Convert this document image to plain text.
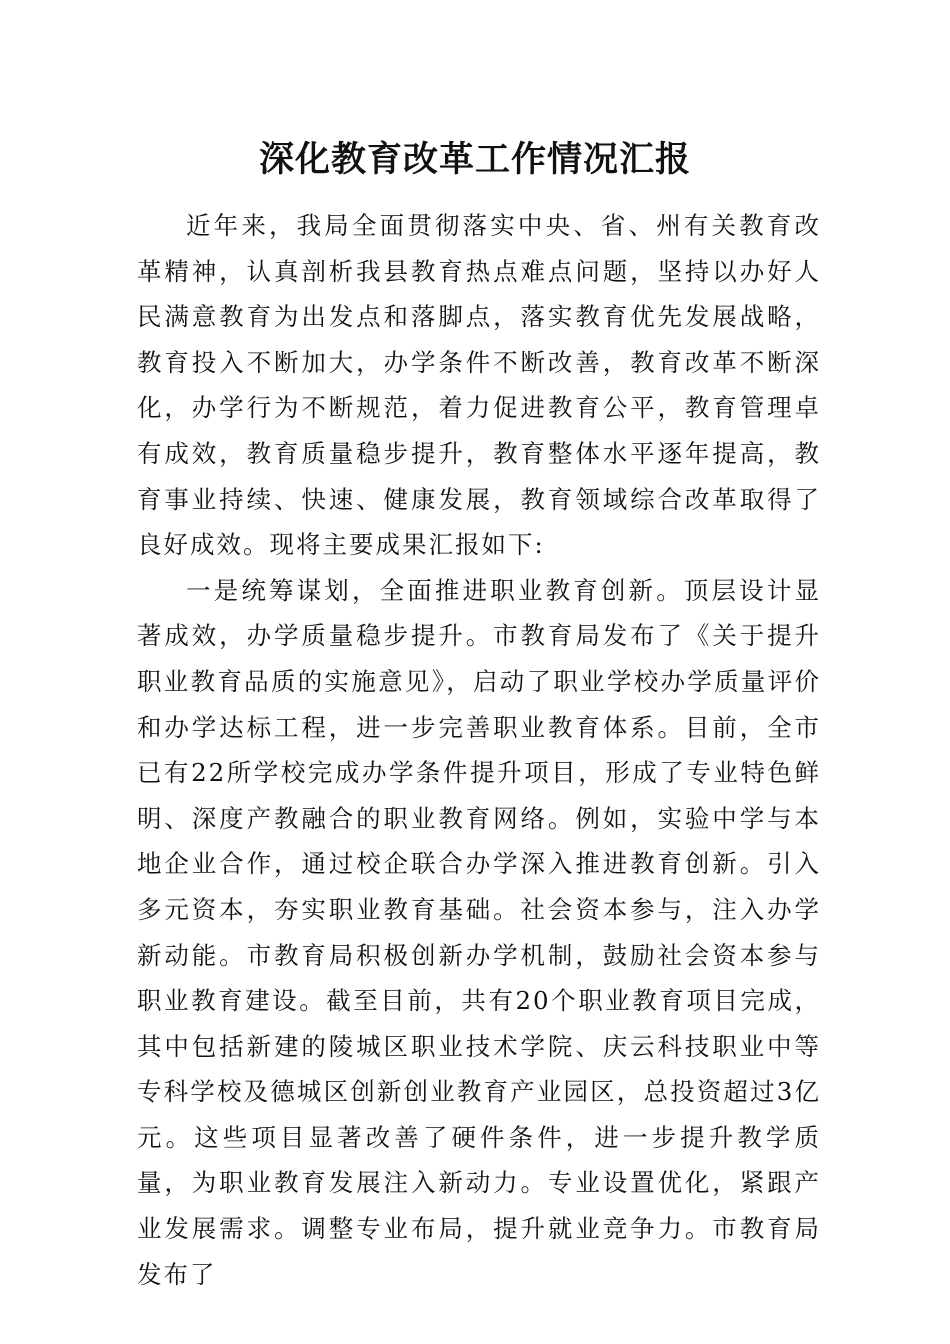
深化教育改革工作情况汇报

近年来，我局全面贯彻落实中央、省、州有关教育改革精神，认真剖析我县教育热点难点问题，坚持以办好人民满意教育为出发点和落脚点，落实教育优先发展战略，教育投入不断加大，办学条件不断改善，教育改革不断深化，办学行为不断规范，着力促进教育公平，教育管理卓有成效，教育质量稳步提升，教育整体水平逐年提高，教育事业持续、快速、健康发展，教育领域综合改革取得了良好成效。现将主要成果汇报如下:

一是统筹谋划，全面推进职业教育创新。顶层设计显著成效，办学质量稳步提升。市教育局发布了《关于提升职业教育品质的实施意见》，启动了职业学校办学质量评价和办学达标工程，进一步完善职业教育体系。目前，全市已有22所学校完成办学条件提升项目，形成了专业特色鲜明、深度产教融合的职业教育网络。例如，实验中学与本地企业合作，通过校企联合办学深入推进教育创新。引入多元资本，夯实职业教育基础。社会资本参与，注入办学新动能。市教育局积极创新办学机制，鼓励社会资本参与职业教育建设。截至目前，共有20个职业教育项目完成，其中包括新建的陵城区职业技术学院、庆云科技职业中等专科学校及德城区创新创业教育产业园区，总投资超过3亿元。这些项目显著改善了硬件条件，进一步提升教学质量，为职业教育发展注入新动力。专业设置优化，紧跟产业发展需求。调整专业布局，提升就业竞争力。市教育局发布了
